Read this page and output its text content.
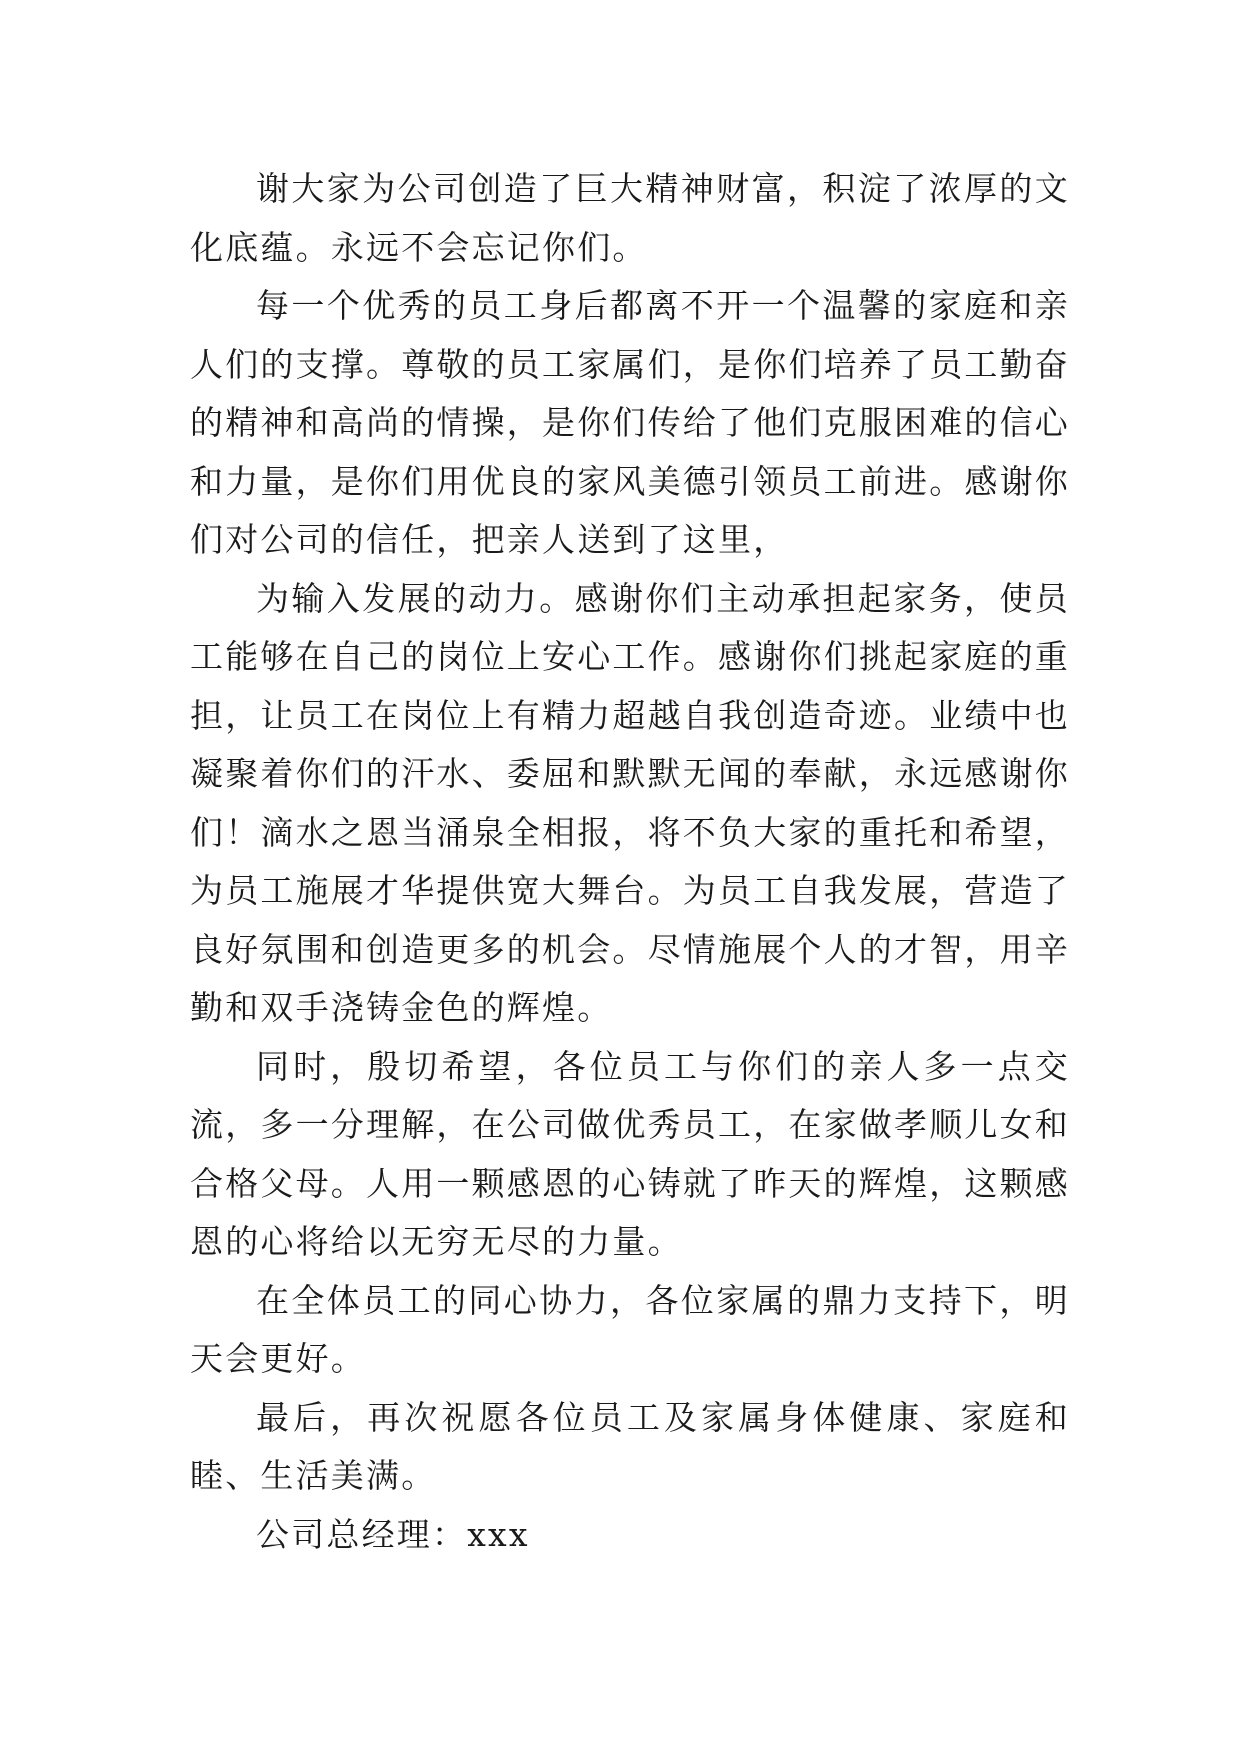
谢大家为公司创造了巨大精神财富，积淀了浓厚的文化底蕴。永远不会忘记你们。

每一个优秀的员工身后都离不开一个温馨的家庭和亲人们的支撑。尊敬的员工家属们，是你们培养了员工勤奋的精神和高尚的情操，是你们传给了他们克服困难的信心和力量，是你们用优良的家风美德引领员工前进。感谢你们对公司的信任，把亲人送到了这里，

为输入发展的动力。感谢你们主动承担起家务，使员工能够在自己的岗位上安心工作。感谢你们挑起家庭的重担，让员工在岗位上有精力超越自我创造奇迹。业绩中也凝聚着你们的汗水、委屈和默默无闻的奉献，永远感谢你们！滴水之恩当涌泉全相报，将不负大家的重托和希望，为员工施展才华提供宽大舞台。为员工自我发展，营造了良好氛围和创造更多的机会。尽情施展个人的才智，用辛勤和双手浇铸金色的辉煌。

同时，殷切希望，各位员工与你们的亲人多一点交流，多一分理解，在公司做优秀员工，在家做孝顺儿女和合格父母。人用一颗感恩的心铸就了昨天的辉煌，这颗感恩的心将给以无穷无尽的力量。

在全体员工的同心协力，各位家属的鼎力支持下，明天会更好。

最后，再次祝愿各位员工及家属身体健康、家庭和睦、生活美满。

公司总经理：xxx
